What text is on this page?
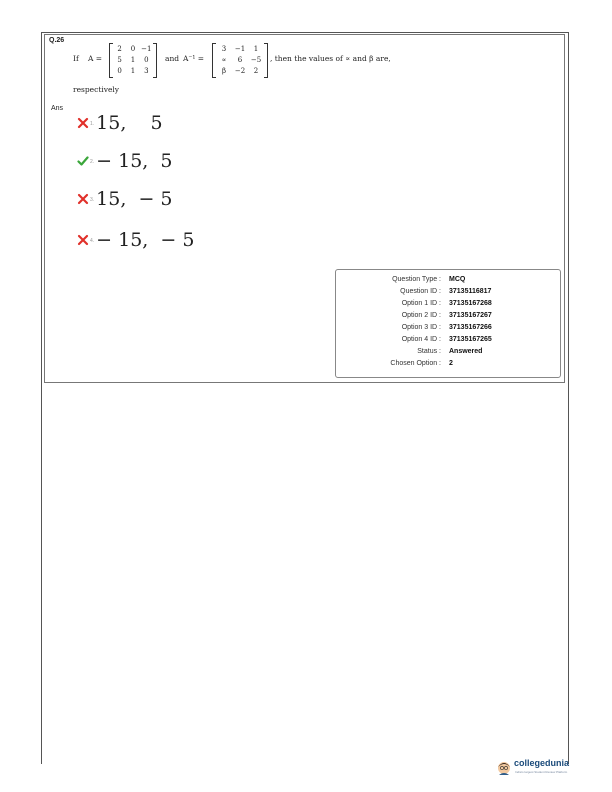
Q.26
If A =
2	0 −1
5	1	0
0	1	3
and A⁻¹ =
3	−1	1
∝	6	−5
β	−2	2
, then the values of ∝ and β are,
respectively
Ans
1. 15,    5
2. − 15,  5
3. 15,  − 5
4. − 15,  − 5
Question Type : MCQ
Question ID : 37135116817
Option 1 ID : 37135167268
Option 2 ID : 37135167267
Option 3 ID : 37135167266
Option 4 ID : 37135167265
Status : Answered
Chosen Option : 2
collegedunia
India's largest Student Review Platform
